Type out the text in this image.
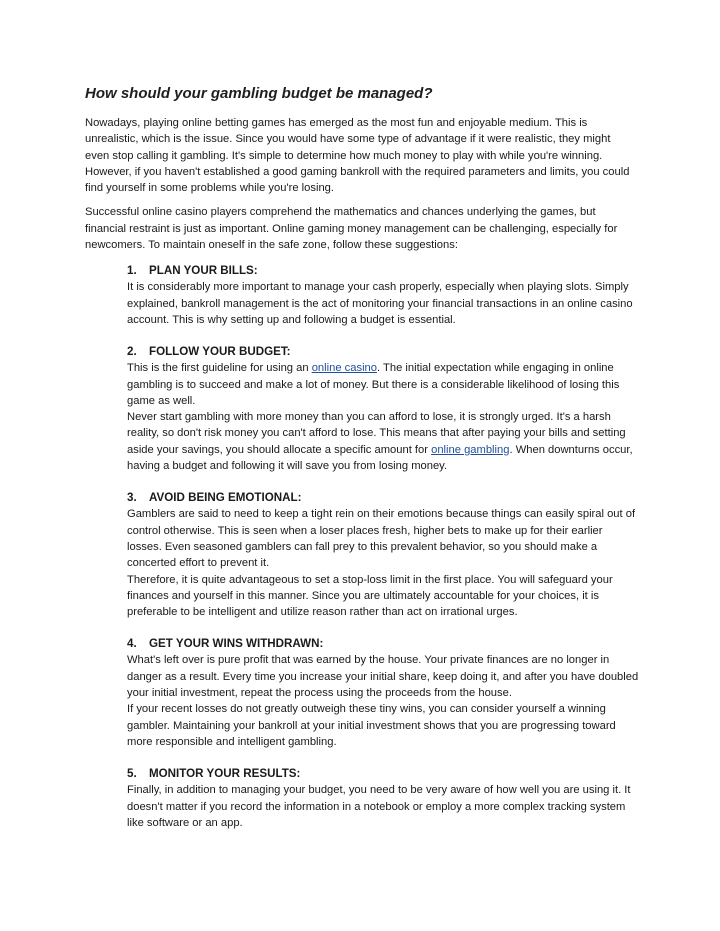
How should your gambling budget be managed?

Nowadays, playing online betting games has emerged as the most fun and enjoyable medium. This is unrealistic, which is the issue. Since you would have some type of advantage if it were realistic, they might even stop calling it gambling. It's simple to determine how much money to play with while you're winning. However, if you haven't established a good gaming bankroll with the required parameters and limits, you could find yourself in some problems while you're losing.

Successful online casino players comprehend the mathematics and chances underlying the games, but financial restraint is just as important. Online gaming money management can be challenging, especially for newcomers. To maintain oneself in the safe zone, follow these suggestions:

1.	PLAN YOUR BILLS:

It is considerably more important to manage your cash properly, especially when playing slots. Simply explained, bankroll management is the act of monitoring your financial transactions in an online casino account. This is why setting up and following a budget is essential.

2.	FOLLOW YOUR BUDGET:

This is the first guideline for using an online casino. The initial expectation while engaging in online gambling is to succeed and make a lot of money. But there is a considerable likelihood of losing this game as well.

Never start gambling with more money than you can afford to lose, it is strongly urged. It's a harsh reality, so don't risk money you can't afford to lose. This means that after paying your bills and setting aside your savings, you should allocate a specific amount for online gambling. When downturns occur, having a budget and following it will save you from losing money.

3.	AVOID BEING EMOTIONAL:

Gamblers are said to need to keep a tight rein on their emotions because things can easily spiral out of control otherwise. This is seen when a loser places fresh, higher bets to make up for their earlier losses. Even seasoned gamblers can fall prey to this prevalent behavior, so you should make a concerted effort to prevent it.

Therefore, it is quite advantageous to set a stop-loss limit in the first place. You will safeguard your finances and yourself in this manner. Since you are ultimately accountable for your choices, it is preferable to be intelligent and utilize reason rather than act on irrational urges.

4.	GET YOUR WINS WITHDRAWN:

What's left over is pure profit that was earned by the house. Your private finances are no longer in danger as a result. Every time you increase your initial share, keep doing it, and after you have doubled your initial investment, repeat the process using the proceeds from the house.

If your recent losses do not greatly outweigh these tiny wins, you can consider yourself a winning gambler. Maintaining your bankroll at your initial investment shows that you are progressing toward more responsible and intelligent gambling.

5.	MONITOR YOUR RESULTS:

Finally, in addition to managing your budget, you need to be very aware of how well you are using it. It doesn't matter if you record the information in a notebook or employ a more complex tracking system like software or an app.
